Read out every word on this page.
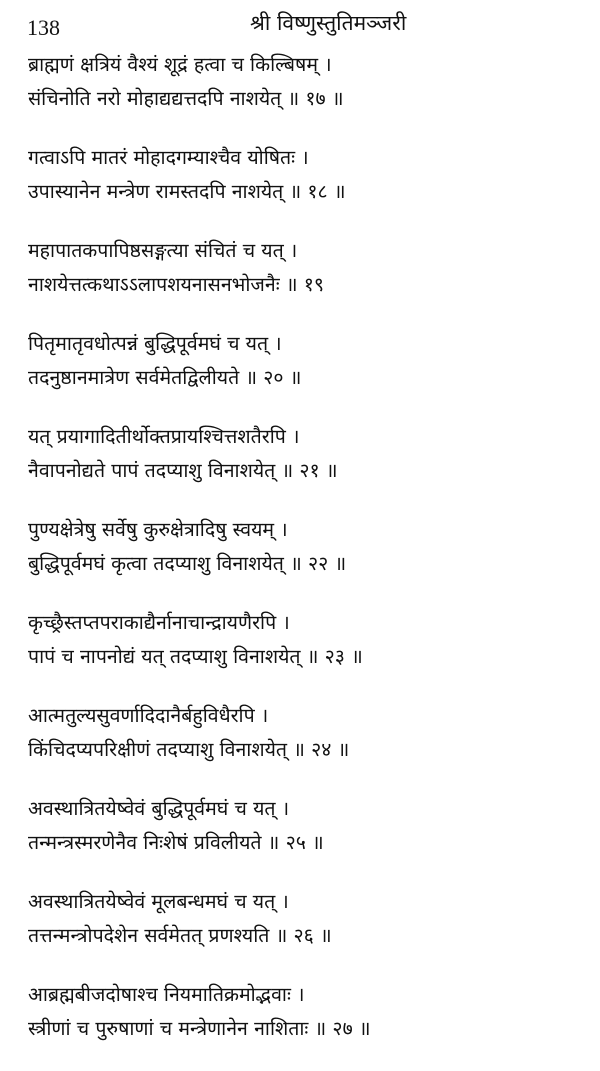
138	श्री विष्णुस्तुतिमञ्जरी
ब्राह्मणं क्षत्रियं वैश्यं शूद्रं हत्वा च किल्बिषम् ।
संचिनोति नरो मोहाद्यद्यत्तदपि नाशयेत् ॥ १७ ॥
गत्वाऽपि मातरं मोहादगम्याश्चैव योषितः ।
उपास्यानेन मन्त्रेण रामस्तदपि नाशयेत् ॥ १८ ॥
महापातकपापिष्ठसङ्गत्या संचितं च यत् ।
नाशयेत्तत्कथाऽऽलापशयनासनभोजनैः ॥ १९
पितृमातृवधोत्पन्नं बुद्धिपूर्वमघं च यत् ।
तदनुष्ठानमात्रेण सर्वमेतद्विलीयते ॥ २० ॥
यत् प्रयागादितीर्थोक्तप्रायश्चित्तशतैरपि ।
नैवापनोद्यते पापं तदप्याशु विनाशयेत् ॥ २१ ॥
पुण्यक्षेत्रेषु सर्वेषु कुरुक्षेत्रादिषु स्वयम् ।
बुद्धिपूर्वमघं कृत्वा तदप्याशु विनाशयेत् ॥ २२ ॥
कृच्छ्रैस्तप्तपराकाद्यैर्नानाचान्द्रायणैरपि ।
पापं च नापनोद्यं यत् तदप्याशु विनाशयेत् ॥ २३ ॥
आत्मतुल्यसुवर्णादिदानैर्बहुविधैरपि ।
किंचिदप्यपरिक्षीणं तदप्याशु विनाशयेत् ॥ २४ ॥
अवस्थात्रितयेष्वेवं बुद्धिपूर्वमघं च यत् ।
तन्मन्त्रस्मरणेनैव निःशेषं प्रविलीयते ॥ २५ ॥
अवस्थात्रितयेष्वेवं मूलबन्धमघं च यत् ।
तत्तन्मन्त्रोपदेशेन सर्वमेतत् प्रणश्यति ॥ २६ ॥
आब्रह्मबीजदोषाश्च नियमातिक्रमोद्भवाः ।
स्त्रीणां च पुरुषाणां च मन्त्रेणानेन नाशिताः ॥ २७ ॥
